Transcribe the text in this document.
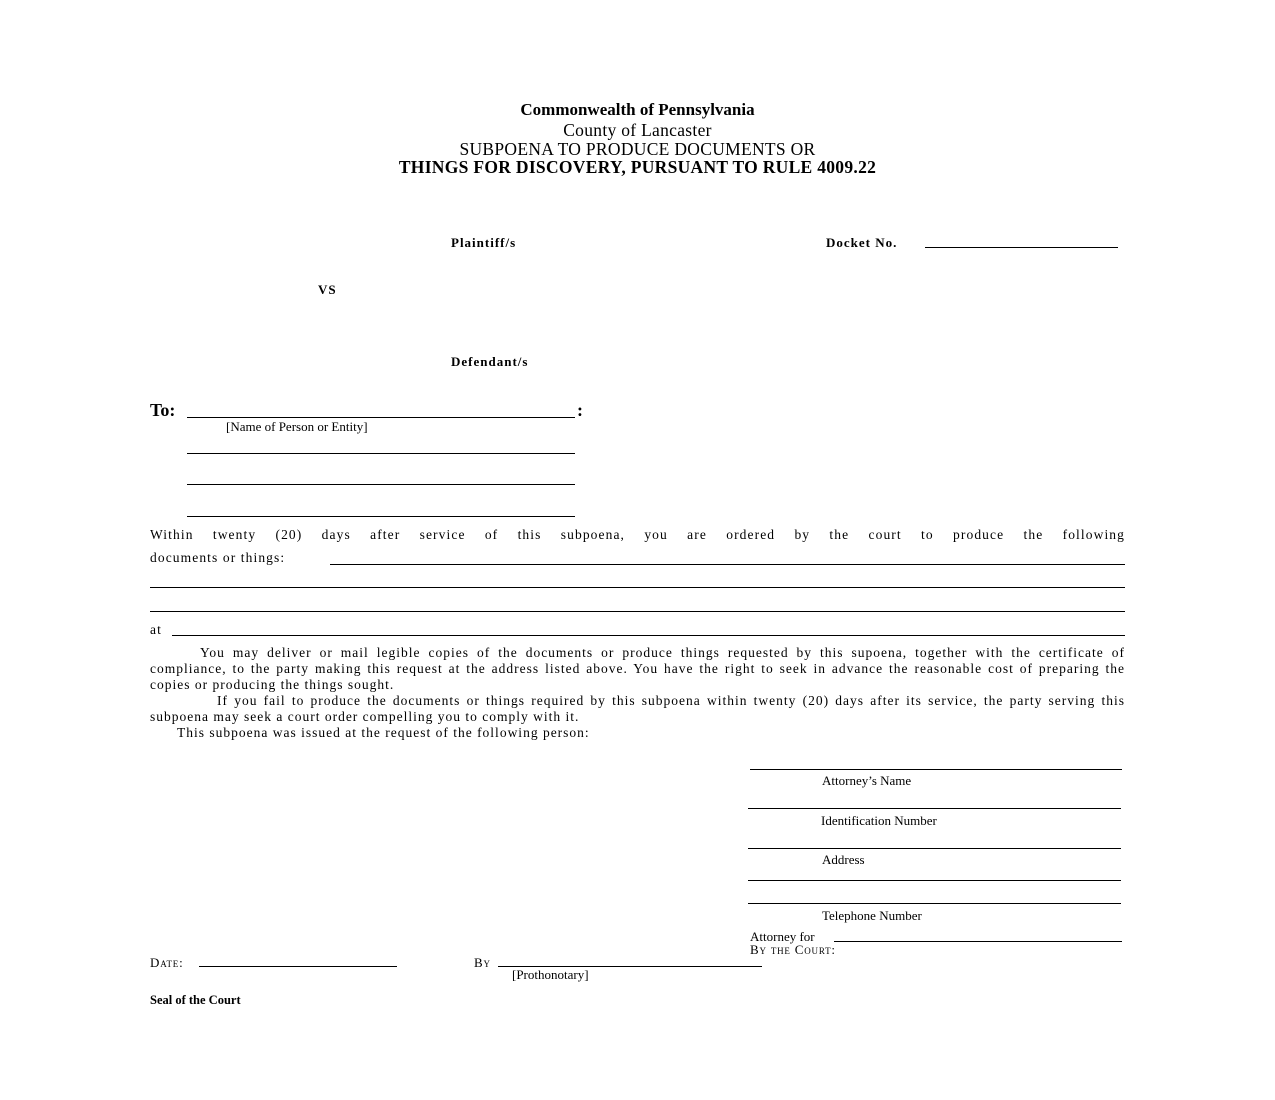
Commonwealth of Pennsylvania
County of Lancaster
SUBPOENA TO PRODUCE DOCUMENTS OR
THINGS FOR DISCOVERY, PURSUANT TO RULE 4009.22
Plaintiff/s	Docket No.
VS
Defendant/s
To:	:
[Name of Person or Entity]
Within twenty (20) days after service of this subpoena, you are ordered by the court to produce the following
documents or things:
at
You may deliver or mail legible copies of the documents or produce things requested by this supoena, together with the certificate of compliance, to the party making this request at the address listed above. You have the right to seek in advance the reasonable cost of preparing the copies or producing the things sought.
If you fail to produce the documents or things required by this subpoena within twenty (20) days after its service, the party serving this subpoena may seek a court order compelling you to comply with it.
This subpoena was issued at the request of the following person:
Attorney’s Name
Identification Number
Address
Telephone Number
Attorney for
By the Court:
Date:	By
[Prothonotary]
Seal of the Court
